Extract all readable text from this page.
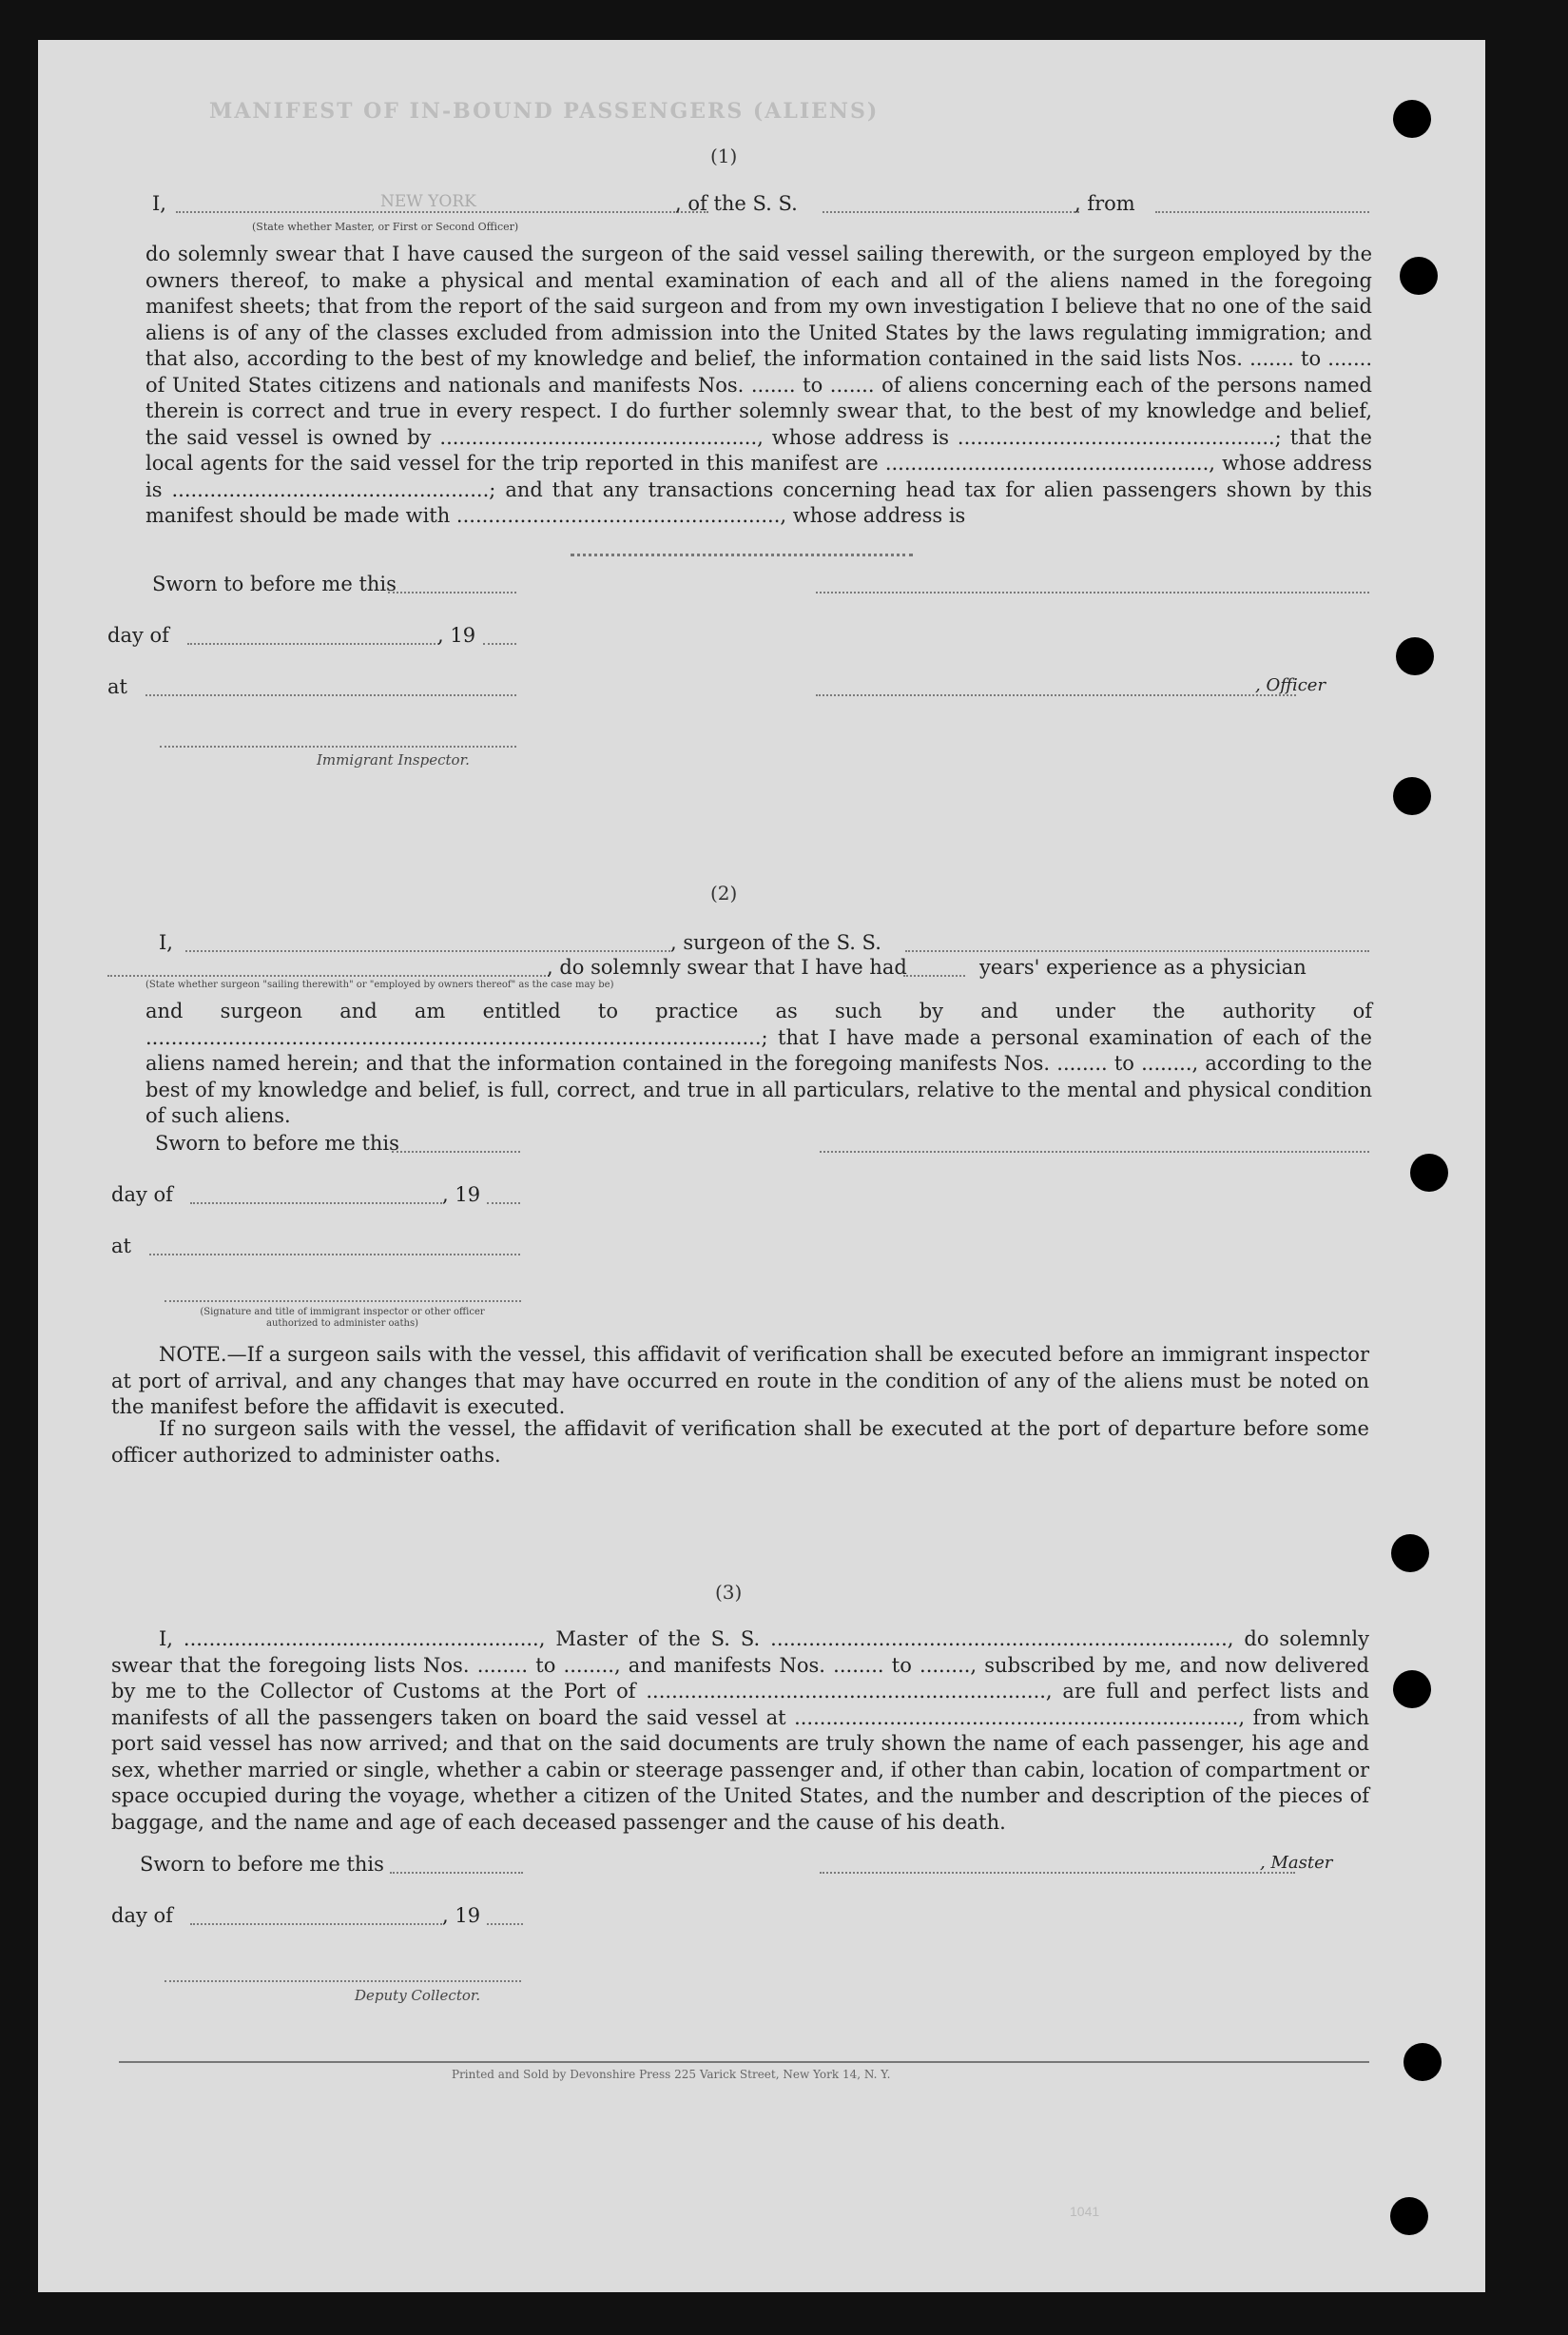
MANIFEST OF IN-BOUND PASSENGERS (ALIENS)
(1)
I,	NEW YORK	, of the S. S.	, from
(State whether Master, or First or Second Officer)
do solemnly swear that I have caused the surgeon of the said vessel sailing therewith, or the surgeon employed by the owners thereof, to make a physical and mental examination of each and all of the aliens named in the foregoing manifest sheets; that from the report of the said surgeon and from my own investigation I believe that no one of the said aliens is of any of the classes excluded from admission into the United States by the laws regulating immigration; and that also, according to the best of my knowledge and belief, the information contained in the said lists Nos. ....... to ....... of United States citizens and nationals and manifests Nos. ....... to ....... of aliens concerning each of the persons named therein is correct and true in every respect. I do further solemnly swear that, to the best of my knowledge and belief, the said vessel is owned by .................................................., whose address is ..................................................; that the local agents for the said vessel for the trip reported in this manifest are ..................................................., whose address is ..................................................; and that any transactions concerning head tax for alien passengers shown by this manifest should be made with ..................................................., whose address is
Sworn to before me this
day of	, 19
at	, Officer
Immigrant Inspector.
(2)
I,	, surgeon of the S. S.
, do solemnly swear that I have had	years' experience as a physician
(State whether surgeon "sailing therewith" or "employed by owners thereof" as the case may be)
and surgeon and am entitled to practice as such by and under the authority of .................................................................................................; that I have made a personal examination of each of the aliens named herein; and that the information contained in the foregoing manifests Nos. ........ to ........, according to the best of my knowledge and belief, is full, correct, and true in all particulars, relative to the mental and physical condition of such aliens.
Sworn to before me this
day of	, 19
at
(Signature and title of immigrant inspector or other officer authorized to administer oaths)
NOTE.—If a surgeon sails with the vessel, this affidavit of verification shall be executed before an immigrant inspector at port of arrival, and any changes that may have occurred en route in the condition of any of the aliens must be noted on the manifest before the affidavit is executed.
If no surgeon sails with the vessel, the affidavit of verification shall be executed at the port of departure before some officer authorized to administer oaths.
(3)
I, ........................................................, Master of the S. S. ........................................................................, do solemnly swear that the foregoing lists Nos. ........ to ........, and manifests Nos. ........ to ........, subscribed by me, and now delivered by me to the Collector of Customs at the Port of ..............................................................., are full and perfect lists and manifests of all the passengers taken on board the said vessel at ......................................................................, from which port said vessel has now arrived; and that on the said documents are truly shown the name of each passenger, his age and sex, whether married or single, whether a cabin or steerage passenger and, if other than cabin, location of compartment or space occupied during the voyage, whether a citizen of the United States, and the number and description of the pieces of baggage, and the name and age of each deceased passenger and the cause of his death.
Sworn to before me this	, Master
day of	, 19
Deputy Collector.
Printed and Sold by Devonshire Press 225 Varick Street, New York 14, N. Y.
1041
